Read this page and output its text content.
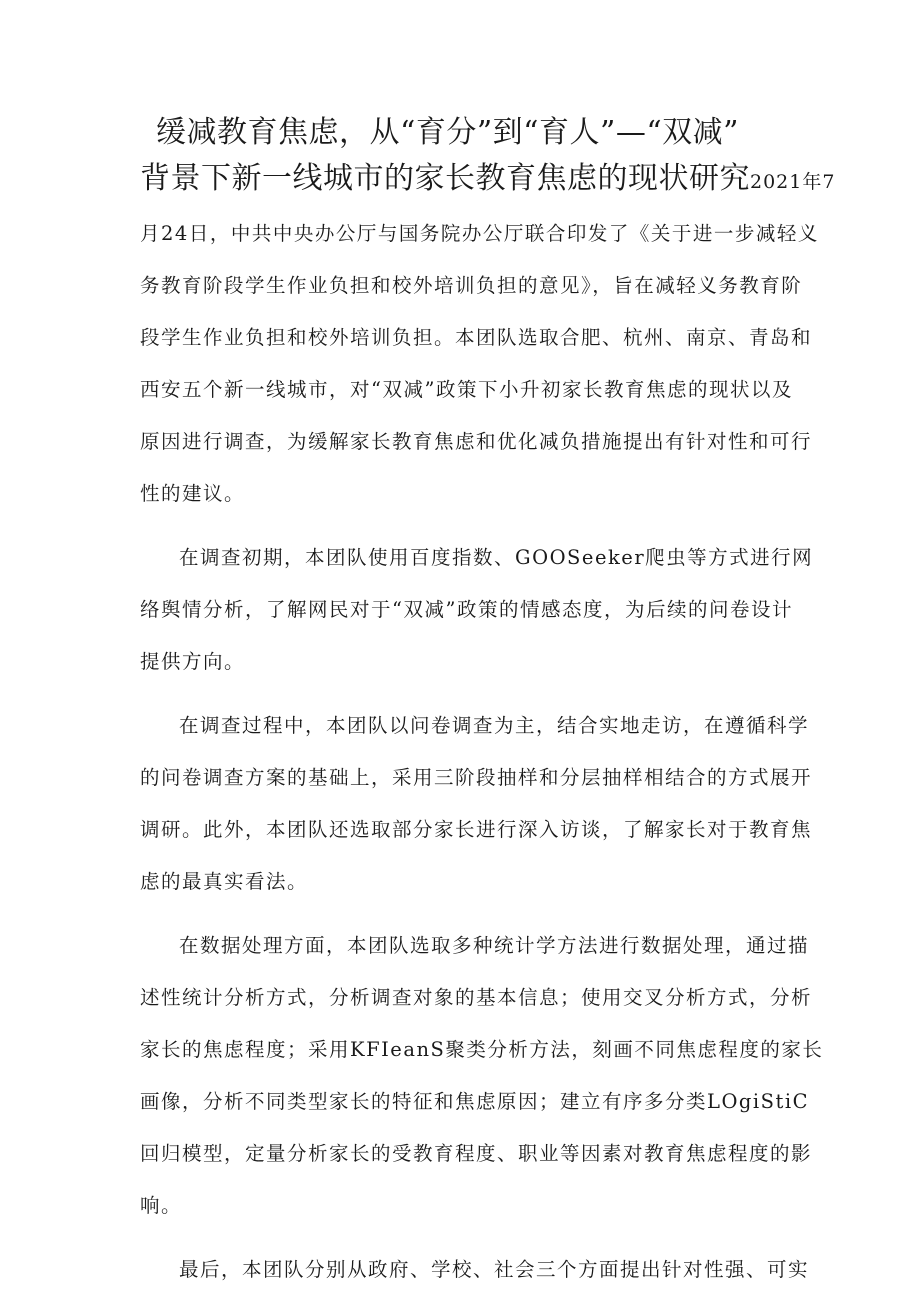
缓减教育焦虑，从“育分”到“育人”—“双减”
背景下新一线城市的家长教育焦虑的现状研究2021年7

月24日，中共中央办公厅与国务院办公厅联合印发了《关于进一步减轻义
务教育阶段学生作业负担和校外培训负担的意见》，旨在减轻义务教育阶
段学生作业负担和校外培训负担。本团队选取合肥、杭州、南京、青岛和
西安五个新一线城市，对“双减”政策下小升初家长教育焦虑的现状以及
原因进行调查，为缓解家长教育焦虑和优化减负措施提出有针对性和可行
性的建议。

在调查初期，本团队使用百度指数、GOOSeeker爬虫等方式进行网
络舆情分析，了解网民对于“双减”政策的情感态度，为后续的问卷设计
提供方向。

在调查过程中，本团队以问卷调查为主，结合实地走访，在遵循科学
的问卷调查方案的基础上，采用三阶段抽样和分层抽样相结合的方式展开
调研。此外，本团队还选取部分家长进行深入访谈，了解家长对于教育焦
虑的最真实看法。

在数据处理方面，本团队选取多种统计学方法进行数据处理，通过描
述性统计分析方式，分析调查对象的基本信息；使用交叉分析方式，分析
家长的焦虑程度；采用KFIeanS聚类分析方法，刻画不同焦虑程度的家长
画像，分析不同类型家长的特征和焦虑原因；建立有序多分类LOgiStiC
回归模型，定量分析家长的受教育程度、职业等因素对教育焦虑程度的影
响。

最后，本团队分别从政府、学校、社会三个方面提出针对性强、可实
